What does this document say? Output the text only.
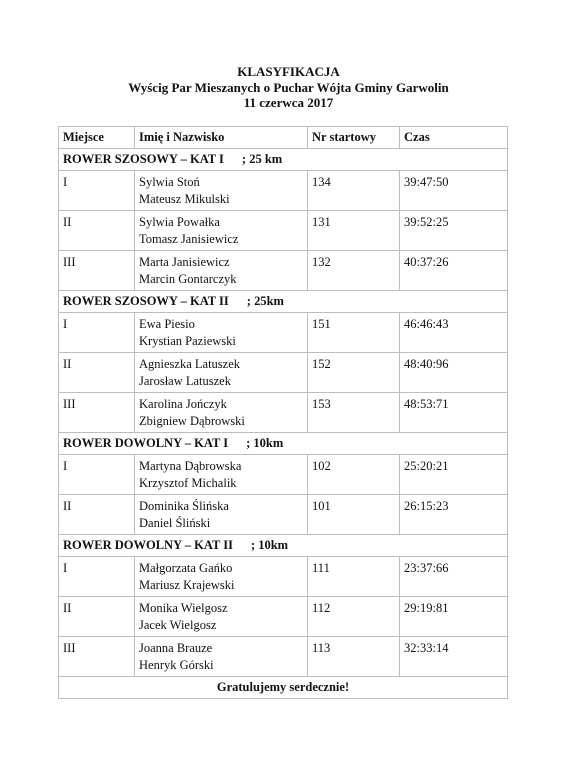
KLASYFIKACJA
Wyścig Par Mieszanych o Puchar Wójta Gminy Garwolin
11 czerwca 2017
Miejsce	Imię i Nazwisko	Nr startowy	Czas
ROWER SZOSOWY – KAT I ; 25 km			
I	Sylwia Stoń
Mateusz Mikulski	134	39:47:50
II	Sylwia Powałka
Tomasz Janisiewicz	131	39:52:25
III	Marta Janisiewicz
Marcin Gontarczyk	132	40:37:26
ROWER SZOSOWY – KAT II ; 25km			
I	Ewa Piesio
Krystian Paziewski	151	46:46:43
II	Agnieszka Latuszek
Jarosław Latuszek	152	48:40:96
III	Karolina Jończyk
Zbigniew Dąbrowski	153	48:53:71
ROWER DOWOLNY – KAT I ; 10km			
I	Martyna Dąbrowska
Krzysztof Michalik	102	25:20:21
II	Dominika Ślińska
Daniel Śliński	101	26:15:23
ROWER DOWOLNY – KAT II ; 10km			
I	Małgorzata Gańko
Mariusz Krajewski	111	23:37:66
II	Monika Wielgosz
Jacek Wielgosz	112	29:19:81
III	Joanna Brauze
Henryk Górski	113	32:33:14
Gratulujemy serdecznie!			
